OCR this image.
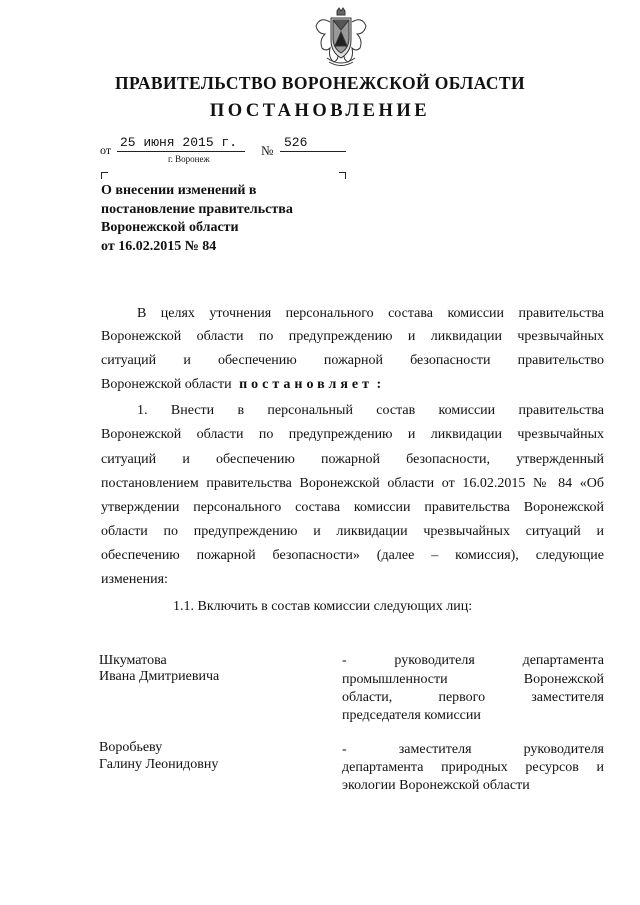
ПРАВИТЕЛЬСТВО ВОРОНЕЖСКОЙ ОБЛАСТИ
ПОСТАНОВЛЕНИЕ
от 25 июня 2015 г.
№
526
г. Воронеж
О внесении изменений в
постановление правительства
Воронежской области
от 16.02.2015 № 84
В целях уточнения персонального состава комиссии правительства
Воронежской области по предупреждению и ликвидации чрезвычайных
ситуаций и обеспечению пожарной безопасности правительство
Воронежской области постановляет :
1. Внести в персональный состав комиссии правительства
Воронежской области по предупреждению и ликвидации чрезвычайных
ситуаций и обеспечению пожарной безопасности, утвержденный
постановлением правительства Воронежской области от 16.02.2015 № 84 «Об
утверждении персонального состава комиссии правительства Воронежской
области по предупреждению и ликвидации чрезвычайных ситуаций и
обеспечению пожарной безопасности» (далее – комиссия), следующие
изменения:
1.1. Включить в состав комиссии следующих лиц:
Шкуматова
Ивана Дмитриевича
- руководителя департамента
промышленности Воронежской
области, первого заместителя
председателя комиссии
Воробьеву
Галину Леонидовну
- заместителя руководителя
департамента природных ресурсов и
экологии Воронежской области
